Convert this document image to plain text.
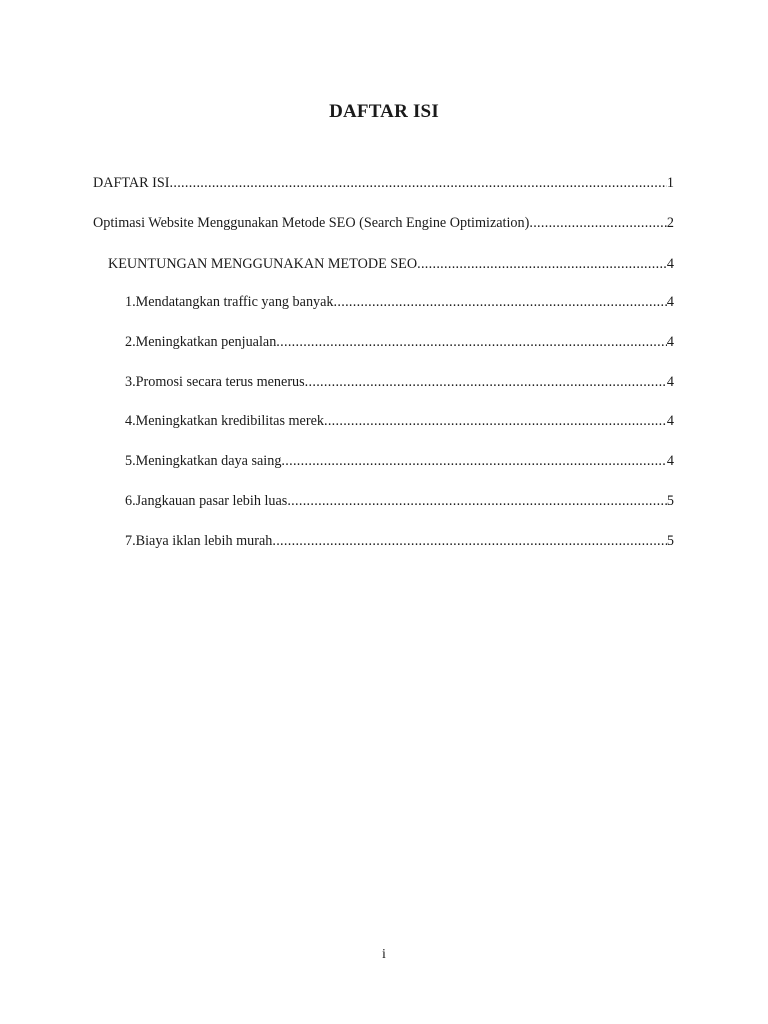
DAFTAR ISI
DAFTAR ISI .....	1
Optimasi Website Menggunakan Metode SEO (Search Engine Optimization) .....	2
KEUNTUNGAN MENGGUNAKAN METODE SEO .....	4
1. Mendatangkan traffic yang banyak .....	4
2. Meningkatkan penjualan .....	4
3. Promosi secara terus menerus .....	4
4. Meningkatkan kredibilitas merek .....	4
5. Meningkatkan daya saing .....	4
6. Jangkauan pasar lebih luas .....	5
7. Biaya iklan lebih murah .....	5
i
